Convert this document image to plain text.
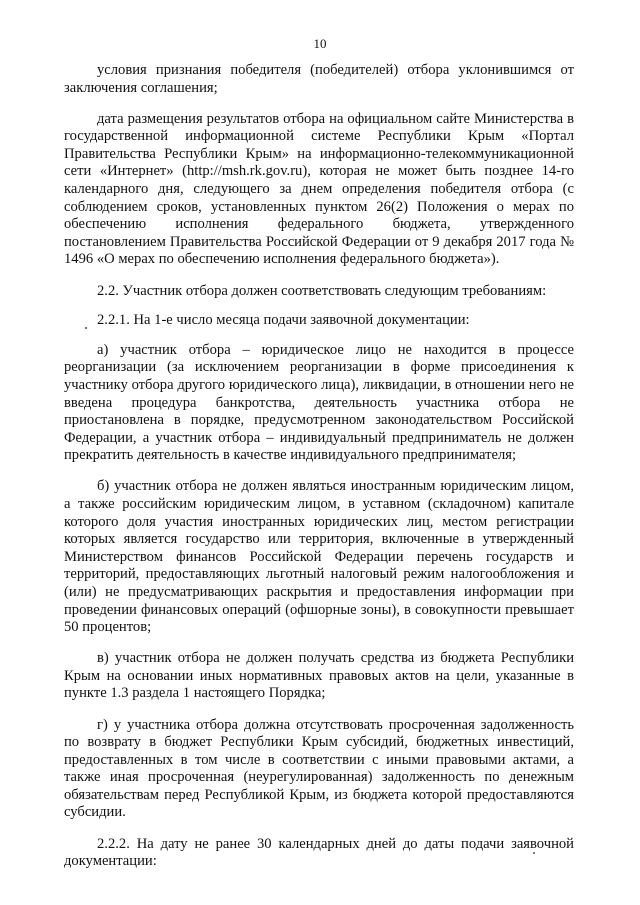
10

условия признания победителя (победителей) отбора уклонившимся от заключения соглашения;

дата размещения результатов отбора на официальном сайте Министерства в государственной информационной системе Республики Крым «Портал Правительства Республики Крым» на информационно-телекоммуникационной сети «Интернет» (http://msh.rk.gov.ru), которая не может быть позднее 14-го календарного дня, следующего за днем определения победителя отбора (с соблюдением сроков, установленных пунктом 26(2) Положения о мерах по обеспечению исполнения федерального бюджета, утвержденного постановлением Правительства Российской Федерации от 9 декабря 2017 года № 1496 «О мерах по обеспечению исполнения федерального бюджета»).

2.2. Участник отбора должен соответствовать следующим требованиям:

2.2.1. На 1-е число месяца подачи заявочной документации:

а) участник отбора – юридическое лицо не находится в процессе реорганизации (за исключением реорганизации в форме присоединения к участнику отбора другого юридического лица), ликвидации, в отношении него не введена процедура банкротства, деятельность участника отбора не приостановлена в порядке, предусмотренном законодательством Российской Федерации, а участник отбора – индивидуальный предприниматель не должен прекратить деятельность в качестве индивидуального предпринимателя;

б) участник отбора не должен являться иностранным юридическим лицом, а также российским юридическим лицом, в уставном (складочном) капитале которого доля участия иностранных юридических лиц, местом регистрации которых является государство или территория, включенные в утвержденный Министерством финансов Российской Федерации перечень государств и территорий, предоставляющих льготный налоговый режим налогообложения и (или) не предусматривающих раскрытия и предоставления информации при проведении финансовых операций (офшорные зоны), в совокупности превышает 50 процентов;

в) участник отбора не должен получать средства из бюджета Республики Крым на основании иных нормативных правовых актов на цели, указанные в пункте 1.3 раздела 1 настоящего Порядка;

г) у участника отбора должна отсутствовать просроченная задолженность по возврату в бюджет Республики Крым субсидий, бюджетных инвестиций, предоставленных в том числе в соответствии с иными правовыми актами, а также иная просроченная (неурегулированная) задолженность по денежным обязательствам перед Республикой Крым, из бюджета которой предоставляются субсидии.

2.2.2. На дату не ранее 30 календарных дней до даты подачи заявочной документации:
